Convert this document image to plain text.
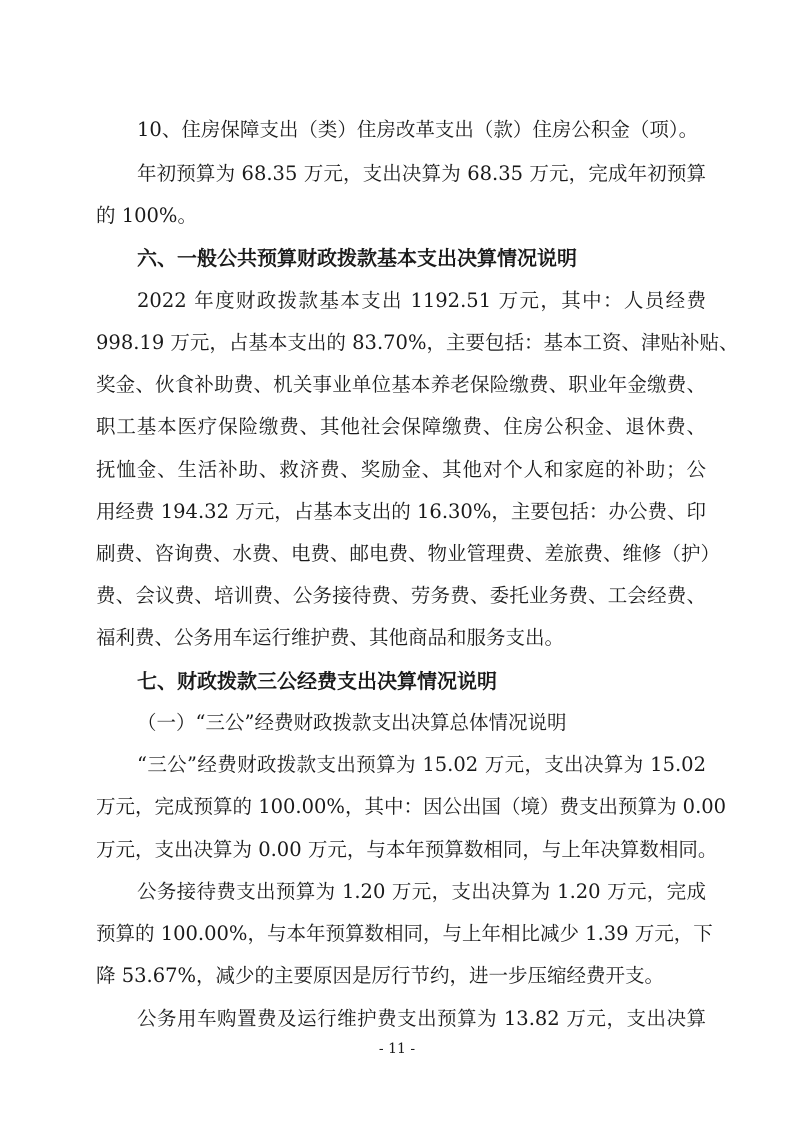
10、住房保障支出（类）住房改革支出（款）住房公积金（项）。
年初预算为 68.35 万元，支出决算为 68.35 万元，完成年初预算
的 100%。
六、一般公共预算财政拨款基本支出决算情况说明
2022 年度财政拨款基本支出 1192.51 万元，其中：人员经费
998.19 万元，占基本支出的 83.70%，主要包括：基本工资、津贴补贴、
奖金、伙食补助费、机关事业单位基本养老保险缴费、职业年金缴费、
职工基本医疗保险缴费、其他社会保障缴费、住房公积金、退休费、
抚恤金、生活补助、救济费、奖励金、其他对个人和家庭的补助；公
用经费 194.32 万元，占基本支出的 16.30%，主要包括：办公费、印
刷费、咨询费、水费、电费、邮电费、物业管理费、差旅费、维修（护）
费、会议费、培训费、公务接待费、劳务费、委托业务费、工会经费、
福利费、公务用车运行维护费、其他商品和服务支出。
七、财政拨款三公经费支出决算情况说明
（一）“三公”经费财政拨款支出决算总体情况说明
“三公”经费财政拨款支出预算为 15.02 万元，支出决算为 15.02
万元，完成预算的 100.00%，其中：因公出国（境）费支出预算为 0.00
万元，支出决算为 0.00 万元，与本年预算数相同，与上年决算数相同。
公务接待费支出预算为 1.20 万元，支出决算为 1.20 万元，完成
预算的 100.00%，与本年预算数相同，与上年相比减少 1.39 万元，下
降 53.67%，减少的主要原因是厉行节约，进一步压缩经费开支。
公务用车购置费及运行维护费支出预算为 13.82 万元，支出决算
- 11 -
